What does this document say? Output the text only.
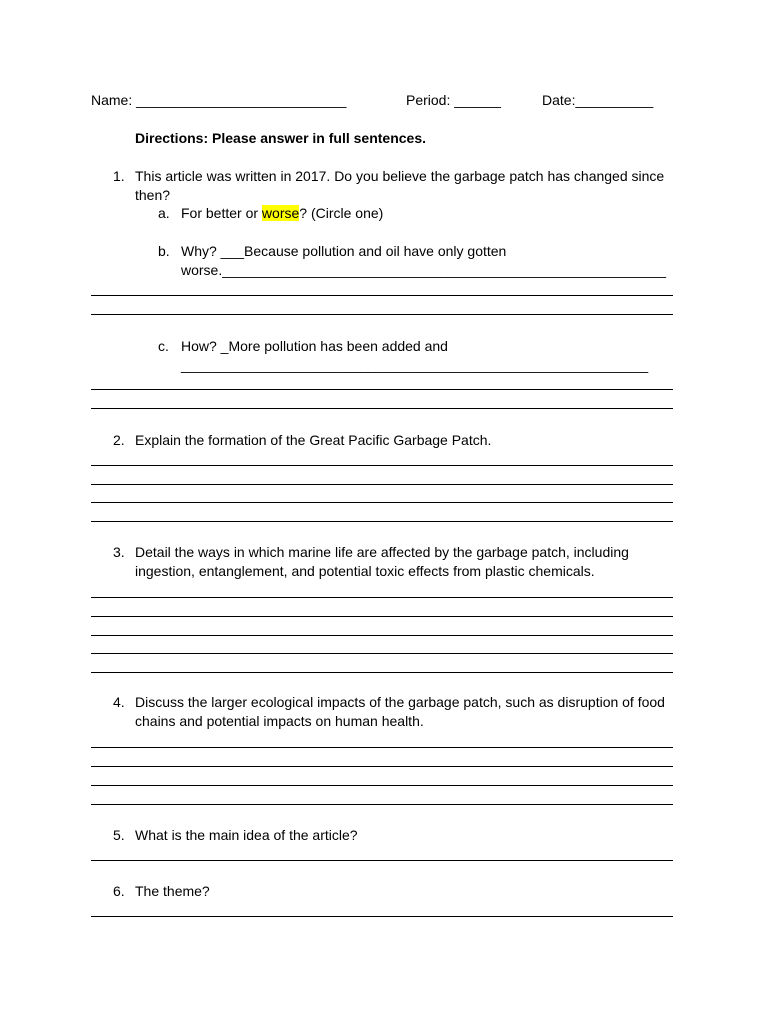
Name: ___________________________	Period: ______	Date:__________
Directions: Please answer in full sentences.
1. This article was written in 2017. Do you believe the garbage patch has changed since
then?
a. For better or worse? (Circle one)
b. Why? ___Because pollution and oil have only gotten
worse._________________________________________________________
c. How? _More pollution has been added and
____________________________________________________________
2. Explain the formation of the Great Pacific Garbage Patch.
3. Detail the ways in which marine life are affected by the garbage patch, including
ingestion, entanglement, and potential toxic effects from plastic chemicals.
4. Discuss the larger ecological impacts of the garbage patch, such as disruption of food
chains and potential impacts on human health.
5. What is the main idea of the article?
6. The theme?
